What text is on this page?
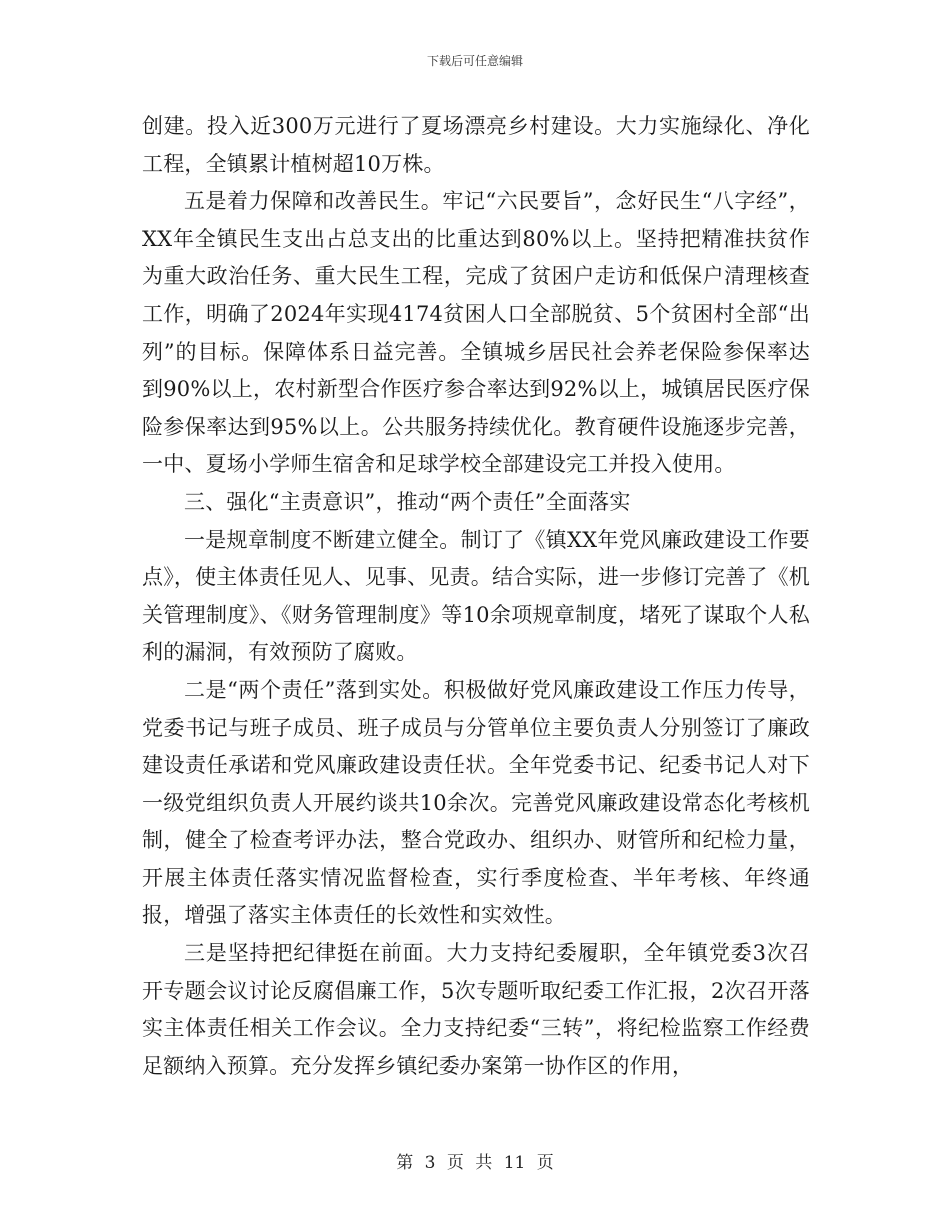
下载后可任意编辑

创建。投入近300万元进行了夏场漂亮乡村建设。大力实施绿化、净化工程，全镇累计植树超10万株。

五是着力保障和改善民生。牢记“六民要旨”，念好民生“八字经”，XX年全镇民生支出占总支出的比重达到80%以上。坚持把精准扶贫作为重大政治任务、重大民生工程，完成了贫困户走访和低保户清理核查工作，明确了2024年实现4174贫困人口全部脱贫、5个贫困村全部“出列”的目标。保障体系日益完善。全镇城乡居民社会养老保险参保率达到90%以上，农村新型合作医疗参合率达到92%以上，城镇居民医疗保险参保率达到95%以上。公共服务持续优化。教育硬件设施逐步完善，一中、夏场小学师生宿舍和足球学校全部建设完工并投入使用。

三、强化“主责意识”，推动“两个责任”全面落实

一是规章制度不断建立健全。制订了《镇XX年党风廉政建设工作要点》，使主体责任见人、见事、见责。结合实际，进一步修订完善了《机关管理制度》、《财务管理制度》等10余项规章制度，堵死了谋取个人私利的漏洞，有效预防了腐败。

二是“两个责任”落到实处。积极做好党风廉政建设工作压力传导，党委书记与班子成员、班子成员与分管单位主要负责人分别签订了廉政建设责任承诺和党风廉政建设责任状。全年党委书记、纪委书记人对下一级党组织负责人开展约谈共10余次。完善党风廉政建设常态化考核机制，健全了检查考评办法，整合党政办、组织办、财管所和纪检力量，开展主体责任落实情况监督检查，实行季度检查、半年考核、年终通报，增强了落实主体责任的长效性和实效性。

三是坚持把纪律挺在前面。大力支持纪委履职，全年镇党委3次召开专题会议讨论反腐倡廉工作，5次专题听取纪委工作汇报，2次召开落实主体责任相关工作会议。全力支持纪委“三转”，将纪检监察工作经费足额纳入预算。充分发挥乡镇纪委办案第一协作区的作用，

第 3 页 共 11 页
